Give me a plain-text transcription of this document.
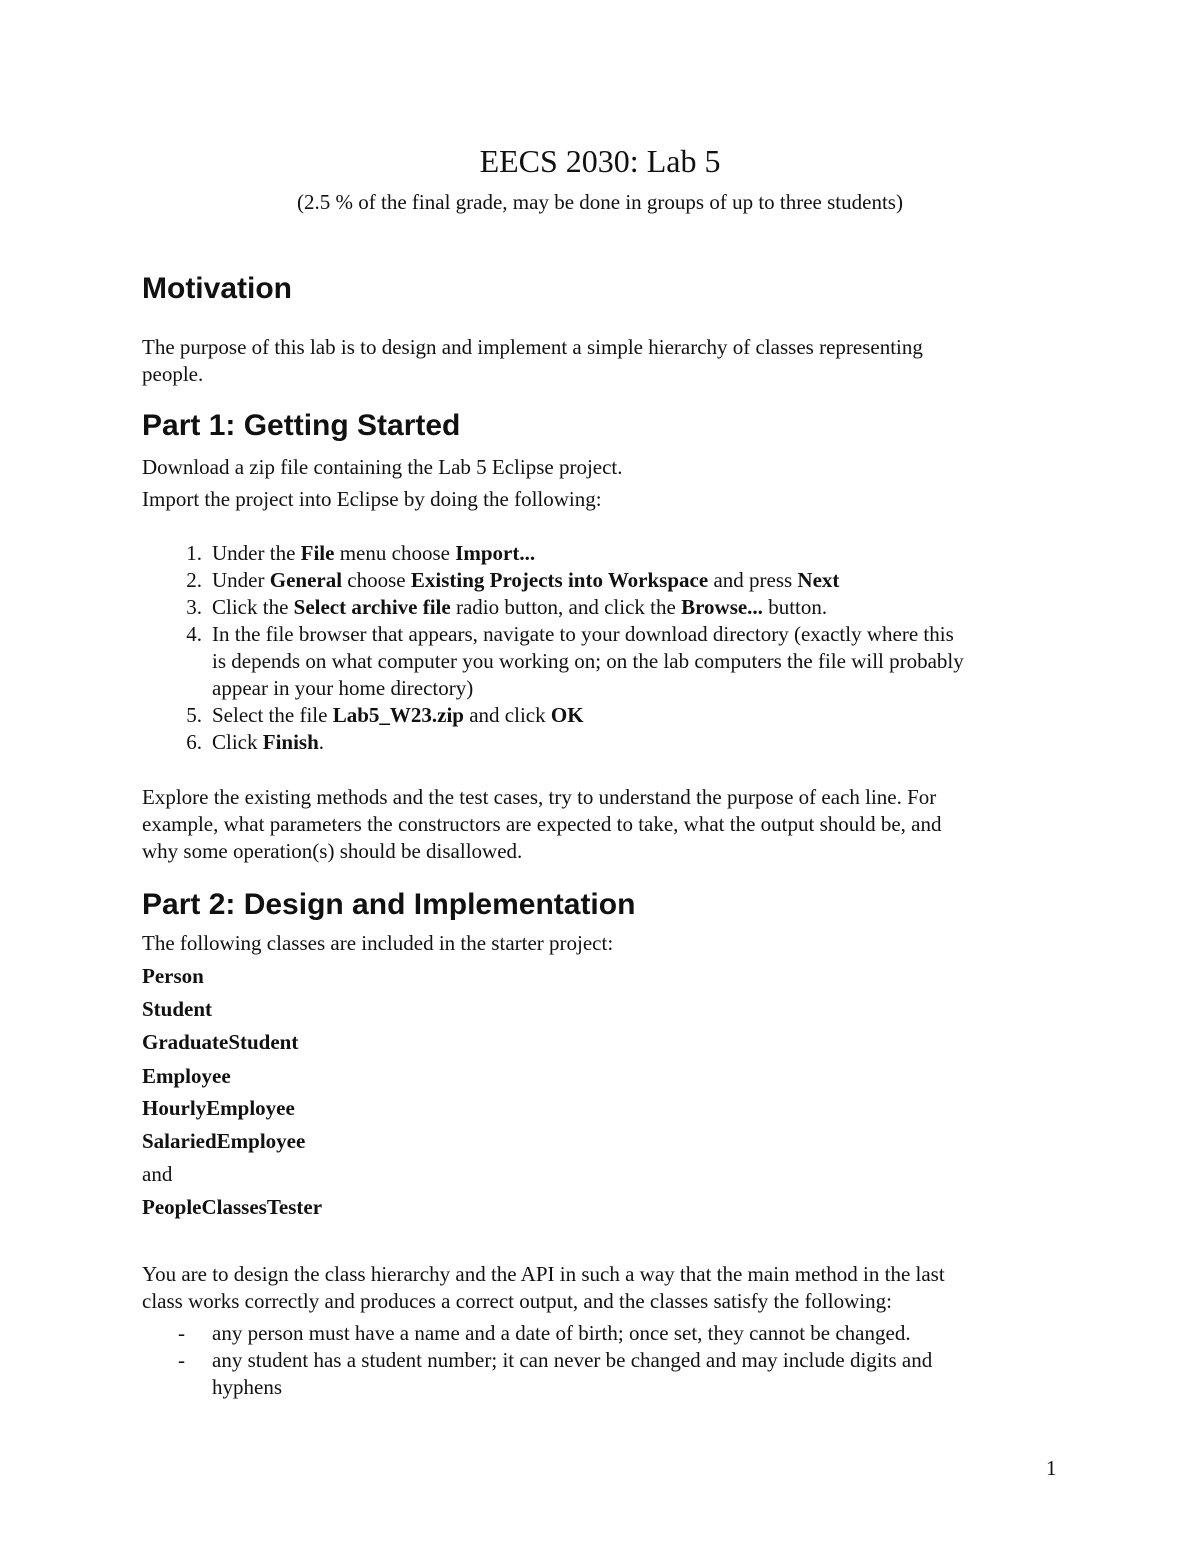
EECS 2030: Lab 5
(2.5 % of the final grade, may be done in groups of up to three students)
Motivation
The purpose of this lab is to design and implement a simple hierarchy of classes representing
people.
Part 1: Getting Started
Download a zip file containing the Lab 5 Eclipse project.
Import the project into Eclipse by doing the following:
1. Under the File menu choose Import...
2. Under General choose Existing Projects into Workspace and press Next
3. Click the Select archive file radio button, and click the Browse... button.
4. In the file browser that appears, navigate to your download directory (exactly where this
is depends on what computer you working on; on the lab computers the file will probably
appear in your home directory)
5. Select the file Lab5_W23.zip and click OK
6. Click Finish.
Explore the existing methods and the test cases, try to understand the purpose of each line. For
example, what parameters the constructors are expected to take, what the output should be, and
why some operation(s) should be disallowed.
Part 2: Design and Implementation
The following classes are included in the starter project:
Person
Student
GraduateStudent
Employee
HourlyEmployee
SalariedEmployee
and
PeopleClassesTester
You are to design the class hierarchy and the API in such a way that the main method in the last
class works correctly and produces a correct output, and the classes satisfy the following:
- any person must have a name and a date of birth; once set, they cannot be changed.
- any student has a student number; it can never be changed and may include digits and
hyphens
1
